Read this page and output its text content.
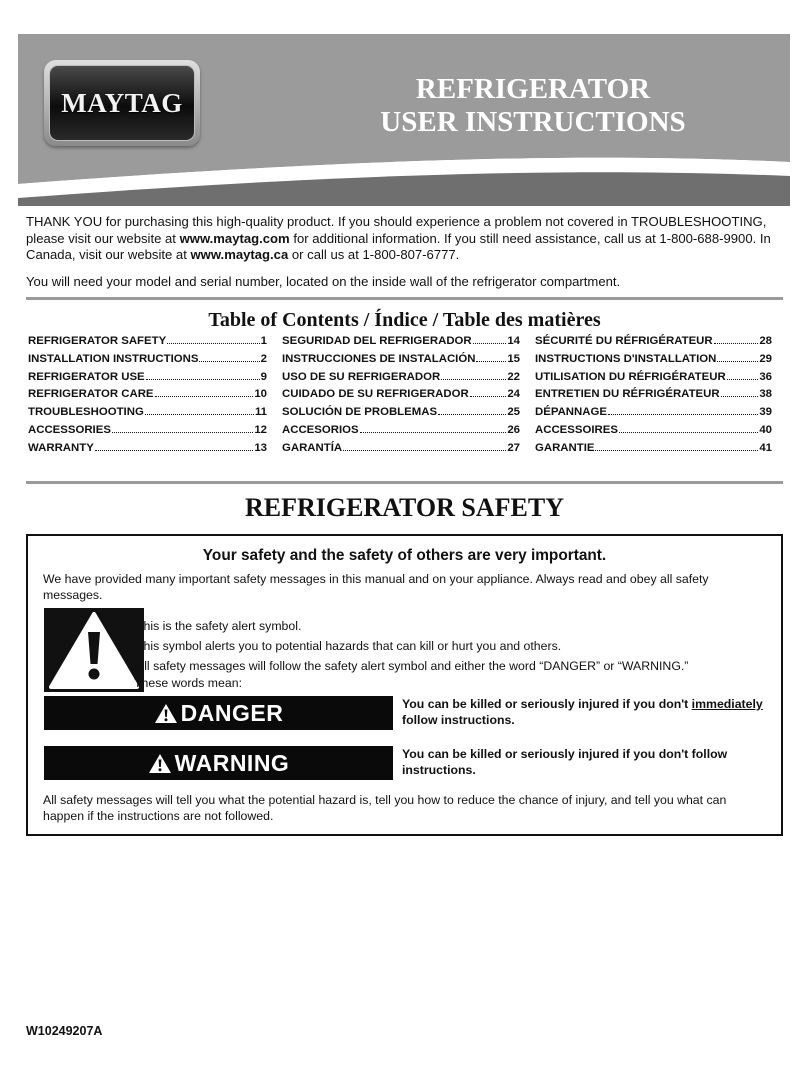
MAYTAG	REFRIGERATOR
USER INSTRUCTIONS

THANK YOU for purchasing this high-quality product. If you should experience a problem not covered in TROUBLESHOOTING, please visit our website at www.maytag.com for additional information. If you still need assistance, call us at 1-800-688-9900. In Canada, visit our website at www.maytag.ca or call us at 1-800-807-6777.

You will need your model and serial number, located on the inside wall of the refrigerator compartment.

Table of Contents / Índice / Table des matières
REFRIGERATOR SAFETY	1
INSTALLATION INSTRUCTIONS	2
REFRIGERATOR USE	9
REFRIGERATOR CARE	10
TROUBLESHOOTING	11
ACCESSORIES	12
WARRANTY	13
SEGURIDAD DEL REFRIGERADOR	14
INSTRUCCIONES DE INSTALACIÓN	15
USO DE SU REFRIGERADOR	22
CUIDADO DE SU REFRIGERADOR	24
SOLUCIÓN DE PROBLEMAS	25
ACCESORIOS	26
GARANTÍA	27
SÉCURITÉ DU RÉFRIGÉRATEUR	28
INSTRUCTIONS D'INSTALLATION	29
UTILISATION DU RÉFRIGÉRATEUR	36
ENTRETIEN DU RÉFRIGÉRATEUR	38
DÉPANNAGE	39
ACCESSOIRES	40
GARANTIE	41
REFRIGERATOR SAFETY
Your safety and the safety of others are very important.
We have provided many important safety messages in this manual and on your appliance. Always read and obey all safety messages.
This is the safety alert symbol.
This symbol alerts you to potential hazards that can kill or hurt you and others.
All safety messages will follow the safety alert symbol and either the word “DANGER” or “WARNING.”
These words mean:
DANGER	You can be killed or seriously injured if you don't immediately follow instructions.
WARNING	You can be killed or seriously injured if you don't follow instructions.
All safety messages will tell you what the potential hazard is, tell you how to reduce the chance of injury, and tell you what can happen if the instructions are not followed.
W10249207A
